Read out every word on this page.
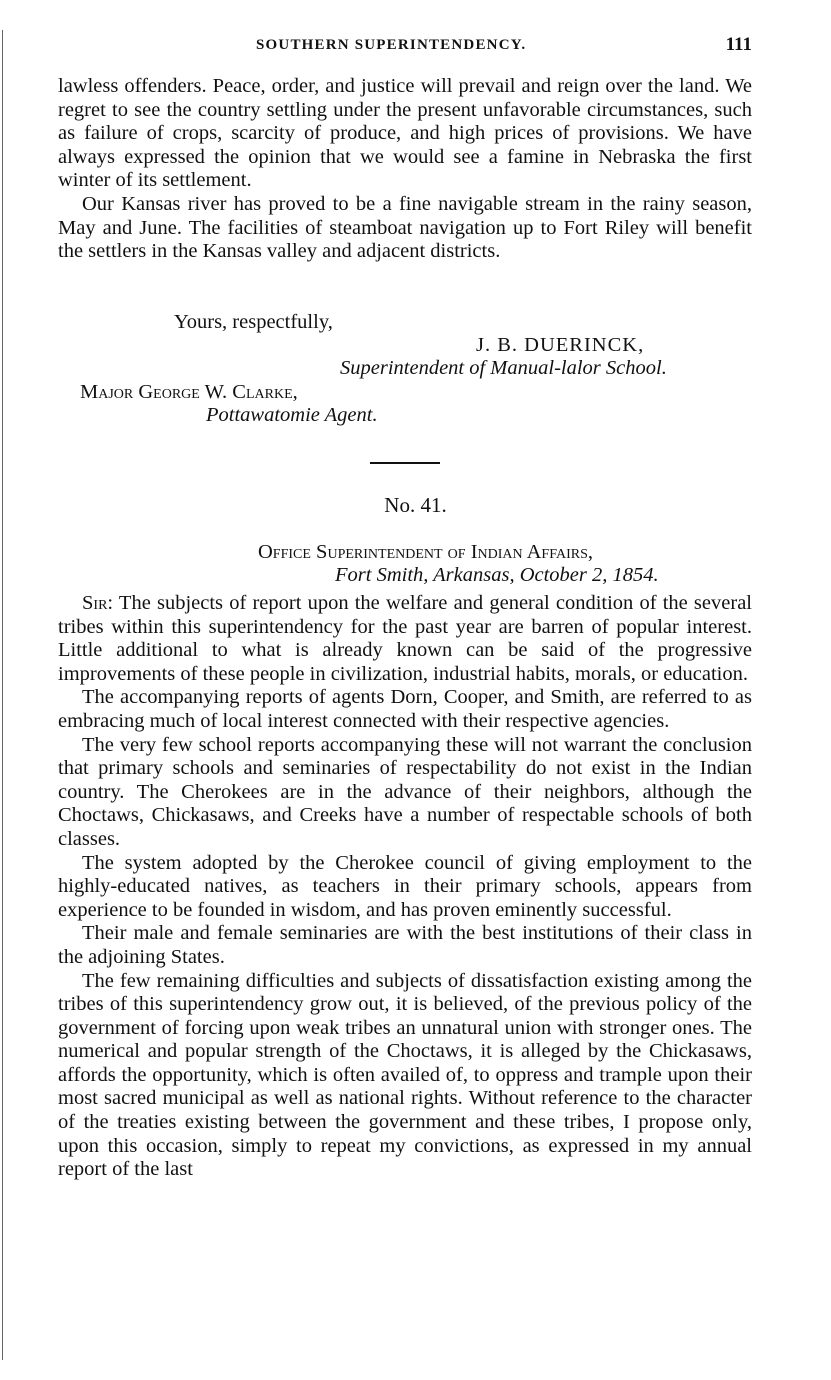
SOUTHERN SUPERINTENDENCY.	111

lawless offenders. Peace, order, and justice will prevail and reign over the land. We regret to see the country settling under the present unfavorable circumstances, such as failure of crops, scarcity of produce, and high prices of provisions. We have always expressed the opinion that we would see a famine in Nebraska the first winter of its settlement.

Our Kansas river has proved to be a fine navigable stream in the rainy season, May and June. The facilities of steamboat navigation up to Fort Riley will benefit the settlers in the Kansas valley and adjacent districts.

Yours, respectfully,
J. B. DUERINCK,
Superintendent of Manual-lalor School.
Major George W. Clarke,
Pottawatomie Agent.
No. 41.
Office Superintendent of Indian Affairs,
Fort Smith, Arkansas, October 2, 1854.

Sir: The subjects of report upon the welfare and general condition of the several tribes within this superintendency for the past year are barren of popular interest. Little additional to what is already known can be said of the progressive improvements of these people in civilization, industrial habits, morals, or education.

The accompanying reports of agents Dorn, Cooper, and Smith, are referred to as embracing much of local interest connected with their respective agencies.

The very few school reports accompanying these will not warrant the conclusion that primary schools and seminaries of respectability do not exist in the Indian country. The Cherokees are in the advance of their neighbors, although the Choctaws, Chickasaws, and Creeks have a number of respectable schools of both classes.

The system adopted by the Cherokee council of giving employment to the highly-educated natives, as teachers in their primary schools, appears from experience to be founded in wisdom, and has proven eminently successful.

Their male and female seminaries are with the best institutions of their class in the adjoining States.

The few remaining difficulties and subjects of dissatisfaction existing among the tribes of this superintendency grow out, it is believed, of the previous policy of the government of forcing upon weak tribes an unnatural union with stronger ones. The numerical and popular strength of the Choctaws, it is alleged by the Chickasaws, affords the opportunity, which is often availed of, to oppress and trample upon their most sacred municipal as well as national rights. Without reference to the character of the treaties existing between the government and these tribes, I propose only, upon this occasion, simply to repeat my convictions, as expressed in my annual report of the last
